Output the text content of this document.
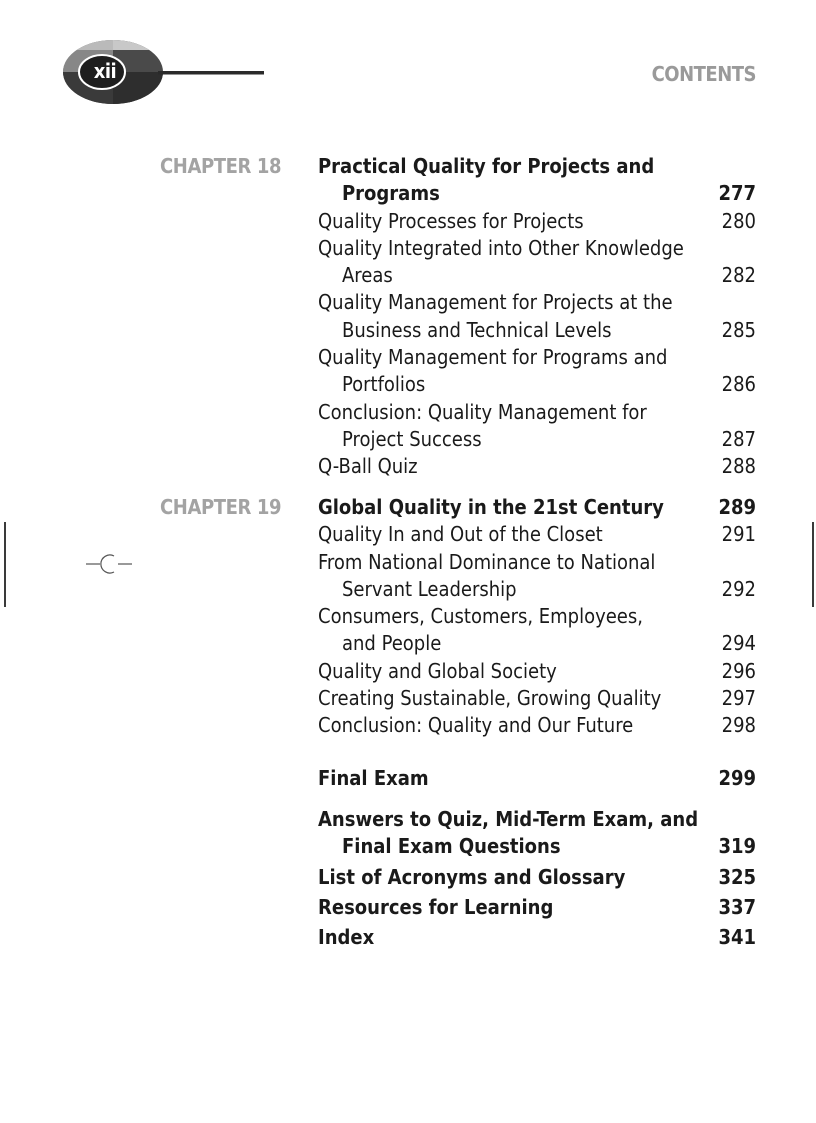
xii	CONTENTS
CHAPTER 18 Practical Quality for Projects and
Programs	277
Quality Processes for Projects	280
Quality Integrated into Other Knowledge
Areas	282
Quality Management for Projects at the
Business and Technical Levels	285
Quality Management for Programs and
Portfolios	286
Conclusion: Quality Management for
Project Success	287
Q-Ball Quiz	288
CHAPTER 19 Global Quality in the 21st Century	289
Quality In and Out of the Closet	291
From National Dominance to National
Servant Leadership	292
Consumers, Customers, Employees,
and People	294
Quality and Global Society	296
Creating Sustainable, Growing Quality	297
Conclusion: Quality and Our Future	298
Final Exam	299
Answers to Quiz, Mid-Term Exam, and
Final Exam Questions	319
List of Acronyms and Glossary	325
Resources for Learning	337
Index	341
